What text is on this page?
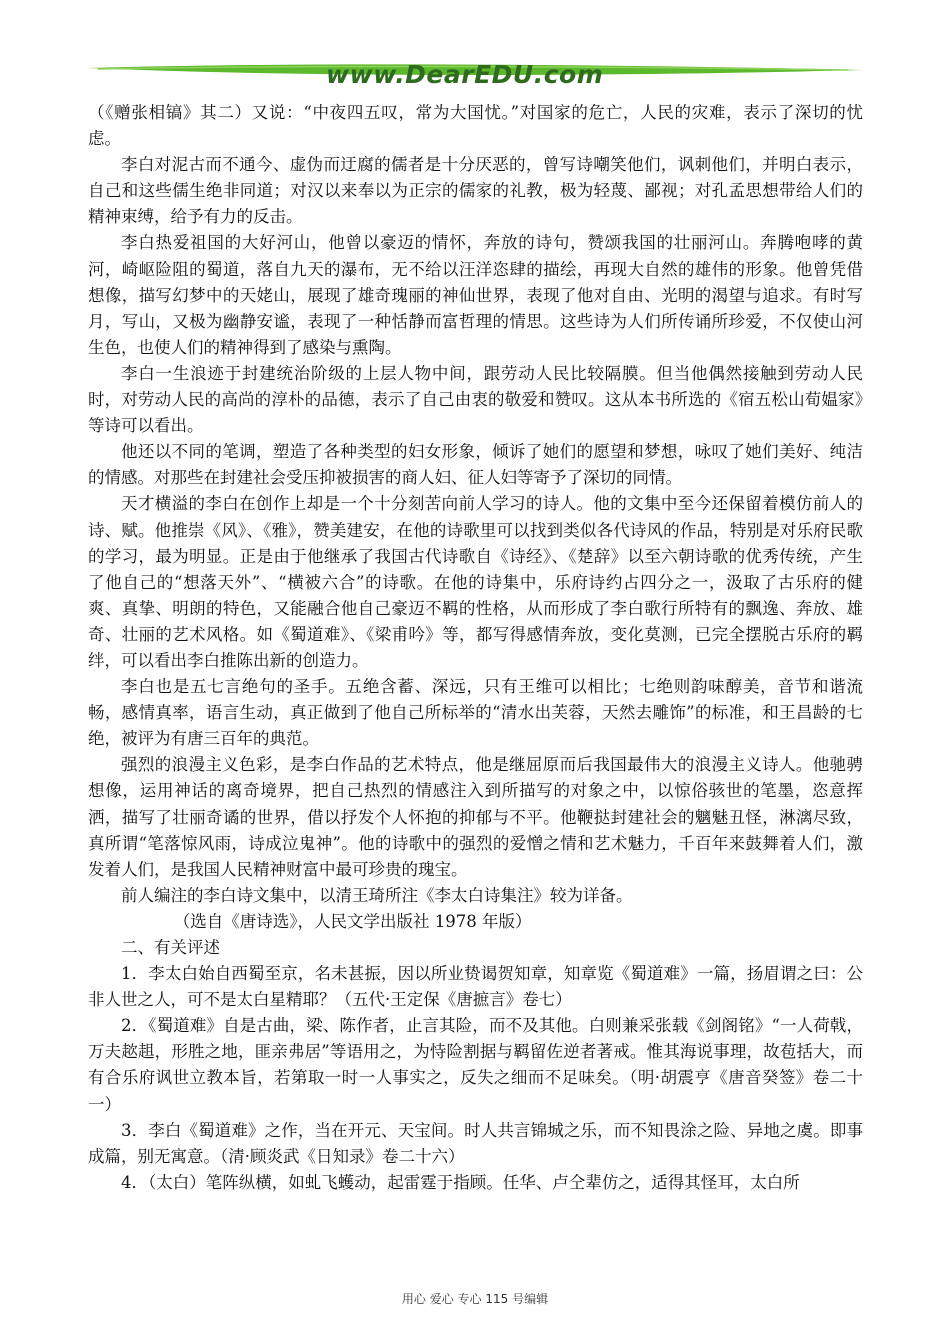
www.DearEDU.com

（《赠张相镐》其二）又说：“中夜四五叹，常为大国忧。”对国家的危亡，人民的灾难，表示了深切的忧虑。

李白对泥古而不通今、虚伪而迂腐的儒者是十分厌恶的，曾写诗嘲笑他们，讽刺他们，并明白表示，自己和这些儒生绝非同道；对汉以来奉以为正宗的儒家的礼教，极为轻蔑、鄙视；对孔孟思想带给人们的精神束缚，给予有力的反击。

李白热爱祖国的大好河山，他曾以豪迈的情怀，奔放的诗句，赞颂我国的壮丽河山。奔腾咆哮的黄河，崎岖险阻的蜀道，落自九天的瀑布，无不给以汪洋恣肆的描绘，再现大自然的雄伟的形象。他曾凭借想像，描写幻梦中的天姥山，展现了雄奇瑰丽的神仙世界，表现了他对自由、光明的渴望与追求。有时写月，写山，又极为幽静安谧，表现了一种恬静而富哲理的情思。这些诗为人们所传诵所珍爱，不仅使山河生色，也使人们的精神得到了感染与熏陶。

李白一生浪迹于封建统治阶级的上层人物中间，跟劳动人民比较隔膜。但当他偶然接触到劳动人民时，对劳动人民的高尚的淳朴的品德，表示了自己由衷的敬爱和赞叹。这从本书所选的《宿五松山荀媪家》等诗可以看出。

他还以不同的笔调，塑造了各种类型的妇女形象，倾诉了她们的愿望和梦想，咏叹了她们美好、纯洁的情感。对那些在封建社会受压抑被损害的商人妇、征人妇等寄予了深切的同情。

天才横溢的李白在创作上却是一个十分刻苦向前人学习的诗人。他的文集中至今还保留着模仿前人的诗、赋。他推崇《风》、《雅》，赞美建安，在他的诗歌里可以找到类似各代诗风的作品，特别是对乐府民歌的学习，最为明显。正是由于他继承了我国古代诗歌自《诗经》、《楚辞》以至六朝诗歌的优秀传统，产生了他自己的“想落天外”、“横被六合”的诗歌。在他的诗集中，乐府诗约占四分之一，汲取了古乐府的健爽、真挚、明朗的特色，又能融合他自己豪迈不羁的性格，从而形成了李白歌行所特有的飘逸、奔放、雄奇、壮丽的艺术风格。如《蜀道难》、《梁甫吟》等，都写得感情奔放，变化莫测，已完全摆脱古乐府的羁绊，可以看出李白推陈出新的创造力。

李白也是五七言绝句的圣手。五绝含蓄、深远，只有王维可以相比；七绝则韵味醇美，音节和谐流畅，感情真率，语言生动，真正做到了他自己所标举的“清水出芙蓉，天然去雕饰”的标准，和王昌龄的七绝，被评为有唐三百年的典范。

强烈的浪漫主义色彩，是李白作品的艺术特点，他是继屈原而后我国最伟大的浪漫主义诗人。他驰骋想像，运用神话的离奇境界，把自己热烈的情感注入到所描写的对象之中，以惊俗骇世的笔墨，恣意挥洒，描写了壮丽奇谲的世界，借以抒发个人怀抱的抑郁与不平。他鞭挞封建社会的魑魅丑怪，淋漓尽致，真所谓“笔落惊风雨，诗成泣鬼神”。他的诗歌中的强烈的爱憎之情和艺术魅力，千百年来鼓舞着人们，激发着人们，是我国人民精神财富中最可珍贵的瑰宝。

前人编注的李白诗文集中，以清王琦所注《李太白诗集注》较为详备。

（选自《唐诗选》，人民文学出版社 1978 年版）

二、有关评述

1．李太白始自西蜀至京，名未甚振，因以所业贽谒贺知章，知章览《蜀道难》一篇，扬眉谓之曰：公非人世之人，可不是太白星精耶？（五代·王定保《唐摭言》卷七）

2．《蜀道难》自是古曲，梁、陈作者，止言其险，而不及其他。白则兼采张载《剑阁铭》“一人荷戟，万夫趑趄，形胜之地，匪亲弗居”等语用之，为恃险割据与羁留佐逆者著戒。惟其海说事理，故苞括大，而有合乐府讽世立教本旨，若第取一时一人事实之，反失之细而不足味矣。（明·胡震亨《唐音癸签》卷二十一）

3．李白《蜀道难》之作，当在开元、天宝间。时人共言锦城之乐，而不知畏涂之险、异地之虞。即事成篇，别无寓意。（清·顾炎武《日知录》卷二十六）

4．（太白）笔阵纵横，如虬飞蠖动，起雷霆于指顾。任华、卢仝辈仿之，适得其怪耳，太白所

用心 爱心 专心 115 号编辑
